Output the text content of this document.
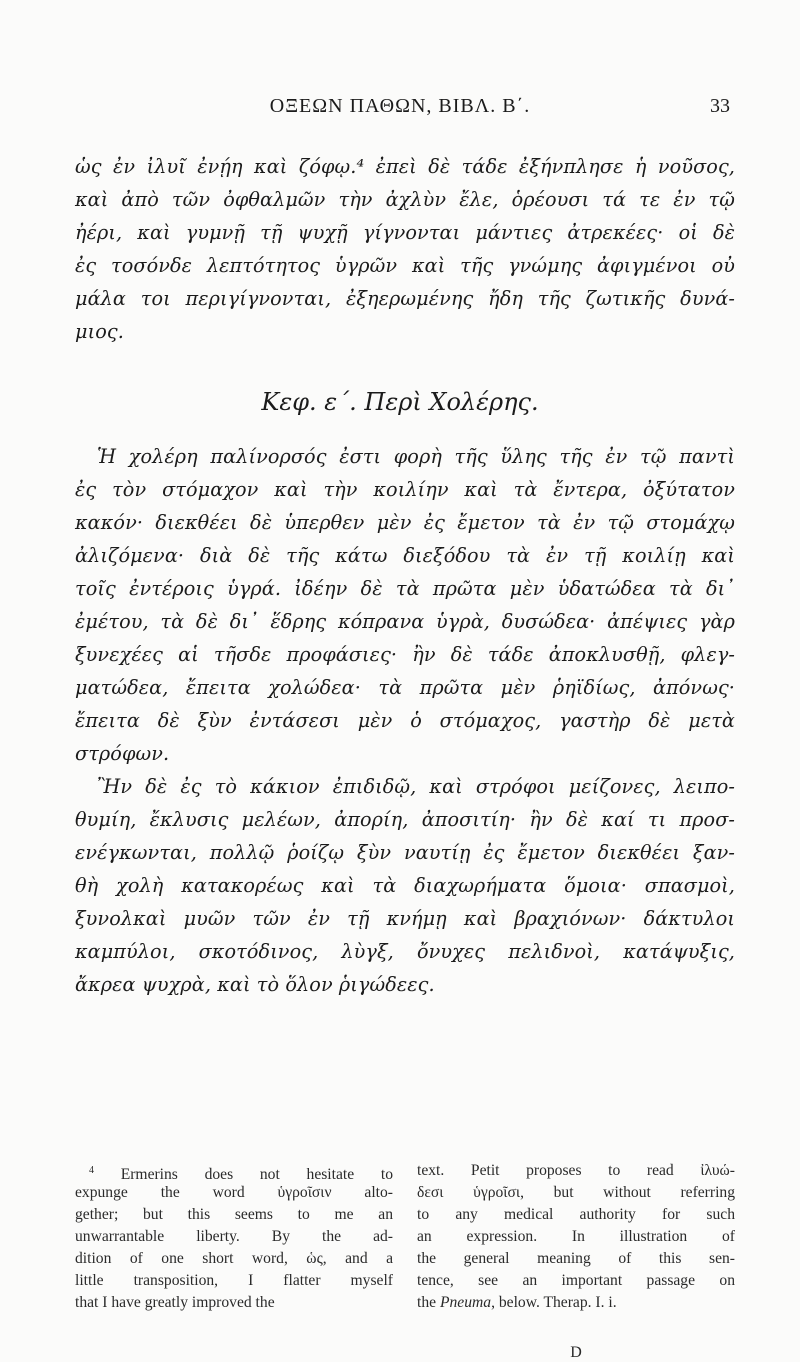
ΟΞΕΩΝ ΠΑΘΩΝ, ΒΙΒΛ. Β΄.	33
ὡς ἐν ἰλυῖ ἐνῄη καὶ ζόφῳ.⁴ ἐπεὶ δὲ τάδε ἐξήνπλησε ἡ νοῦσος,
καὶ ἀπὸ τῶν ὀφθαλμῶν τὴν ἀχλὺν ἔλε, ὁρέουσι τά τε ἐν τῷ
ἠέρι, καὶ γυμνῇ τῇ ψυχῇ γίγνονται μάντιες ἀτρεκέες· οἱ δὲ
ἐς τοσόνδε λεπτότητος ὑγρῶν καὶ τῆς γνώμης ἀφιγμένοι οὐ
μάλα τοι περιγίγνονται, ἐξηερωμένης ἤδη τῆς ζωτικῆς δυνά-
μιος.
Κεφ. ε΄. Περὶ Χολέρης.
Ἡ χολέρη παλίνορσός ἐστι φορὴ τῆς ὕλης τῆς ἐν τῷ παντὶ
ἐς τὸν στόμαχον καὶ τὴν κοιλίην καὶ τὰ ἔντερα, ὀξύτατον
κακόν· διεκθέει δὲ ὑπερθεν μὲν ἐς ἔμετον τὰ ἐν τῷ στομάχῳ
ἀλιζόμενα· διὰ δὲ τῆς κάτω διεξόδου τὰ ἐν τῇ κοιλίῃ καὶ
τοῖς ἐντέροις ὑγρά. ἰδέην δὲ τὰ πρῶτα μὲν ὑδατώδεα τὰ δι᾽
ἐμέτου, τὰ δὲ δι᾽ ἕδρης κόπρανα ὑγρὰ, δυσώδεα· ἀπέψιες γὰρ
ξυνεχέες αἱ τῆσδε προφάσιες· ἢν δὲ τάδε ἀποκλυσθῇ, φλεγ-
ματώδεα, ἔπειτα χολώδεα· τὰ πρῶτα μὲν ῥηϊδίως, ἀπόνως·
ἔπειτα δὲ ξὺν ἐντάσεσι μὲν ὁ στόμαχος, γαστὴρ δὲ μετὰ
στρόφων.
Ἢν δὲ ἐς τὸ κάκιον ἐπιδιδῷ, καὶ στρόφοι μείζονες, λειπο-
θυμίη, ἔκλυσις μελέων, ἀπορίη, ἀποσιτίη· ἢν δὲ καί τι προσ-
ενέγκωνται, πολλῷ ῥοίζῳ ξὺν ναυτίῃ ἐς ἔμετον διεκθέει ξαν-
θὴ χολὴ κατακορέως καὶ τὰ διαχωρήματα ὅμοια· σπασμοὶ,
ξυνολκαὶ μυῶν τῶν ἐν τῇ κνήμῃ καὶ βραχιόνων· δάκτυλοι
καμπύλοι, σκοτόδινος, λὺγξ, ὄνυχες πελιδνοὶ, κατάψυξις,
ἄκρεα ψυχρὰ, καὶ τὸ ὅλον ῥιγώδεες.
$^4$ Ermerins does not hesitate to
expunge the word ὑγροῖσιν alto-
gether; but this seems to me an
unwarrantable liberty. By the ad-
dition of one short word, ὡς, and a
little transposition, I flatter myself
that I have greatly improved the
text. Petit proposes to read ἰλυώ-
δεσι ὑγροῖσι, but without referring
to any medical authority for such
an expression. In illustration of
the general meaning of this sen-
tence, see an important passage on
the Pneuma, below. Therap. I. i.
D
